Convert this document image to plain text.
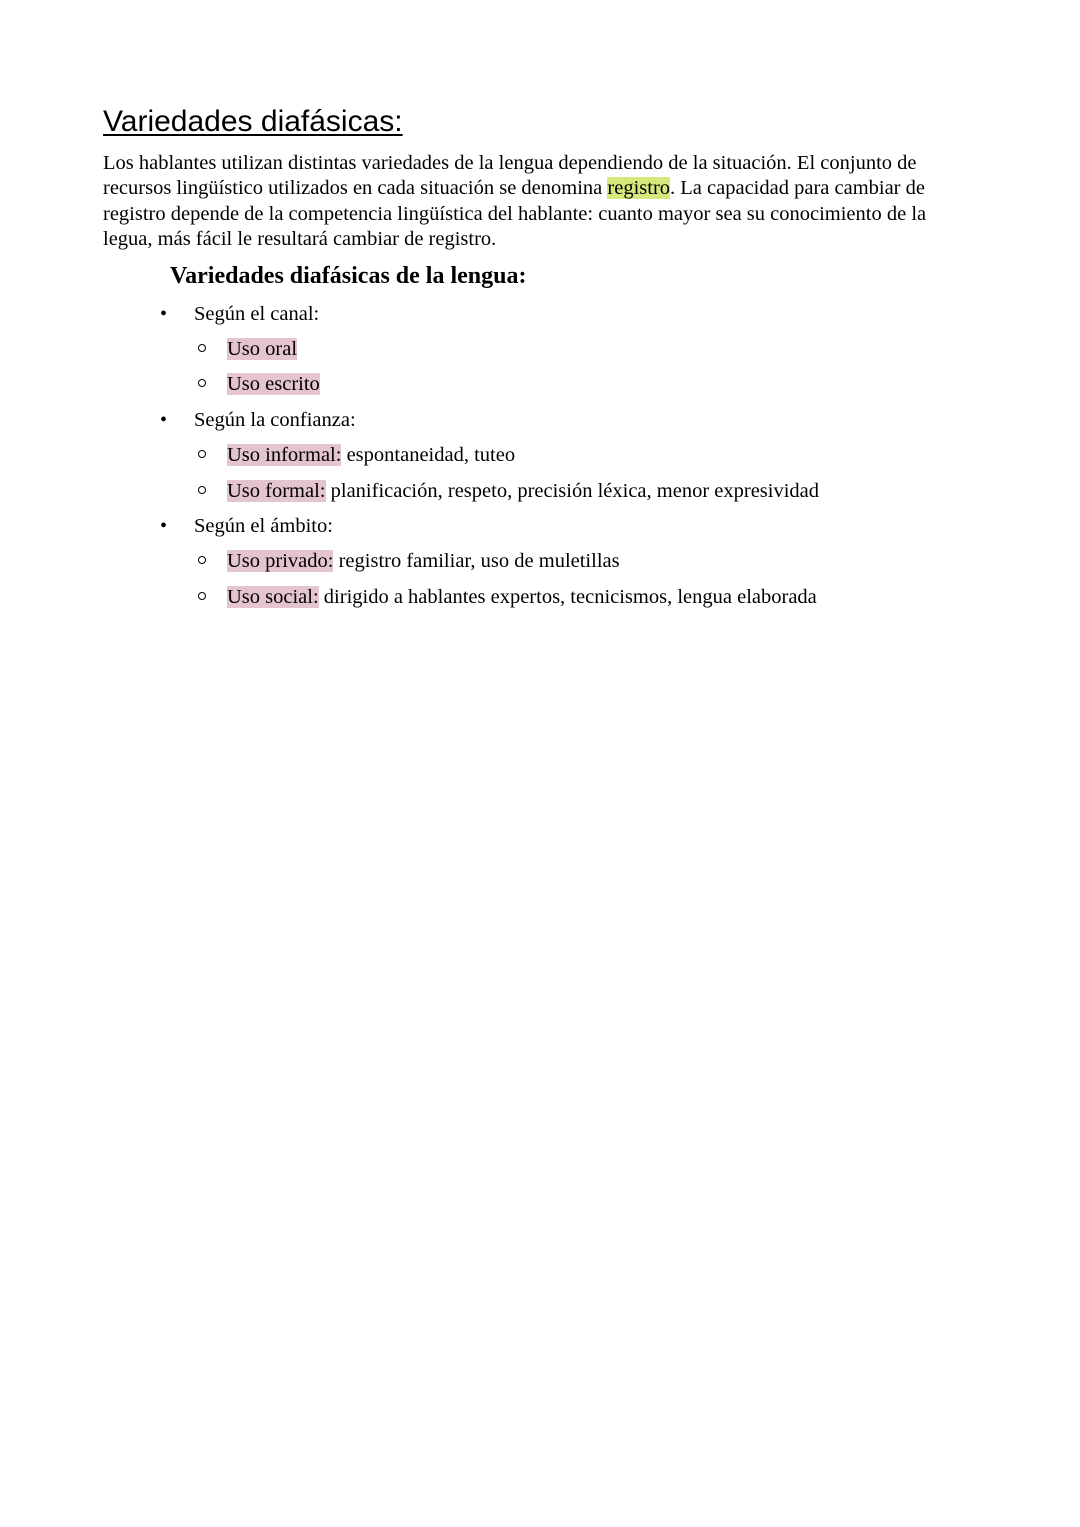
Variedades diafásicas:

Los hablantes utilizan distintas variedades de la lengua dependiendo de la situación. El conjunto de
recursos lingüístico utilizados en cada situación se denomina registro. La capacidad para cambiar de
registro depende de la competencia lingüística del hablante: cuanto mayor sea su conocimiento de la
legua, más fácil le resultará cambiar de registro.

Variedades diafásicas de la lengua:
• Según el canal:
Uso oral
Uso escrito
• Según la confianza:
Uso informal: espontaneidad, tuteo
Uso formal: planificación, respeto, precisión léxica, menor expresividad
• Según el ámbito:
Uso privado: registro familiar, uso de muletillas
Uso social: dirigido a hablantes expertos, tecnicismos, lengua elaborada
